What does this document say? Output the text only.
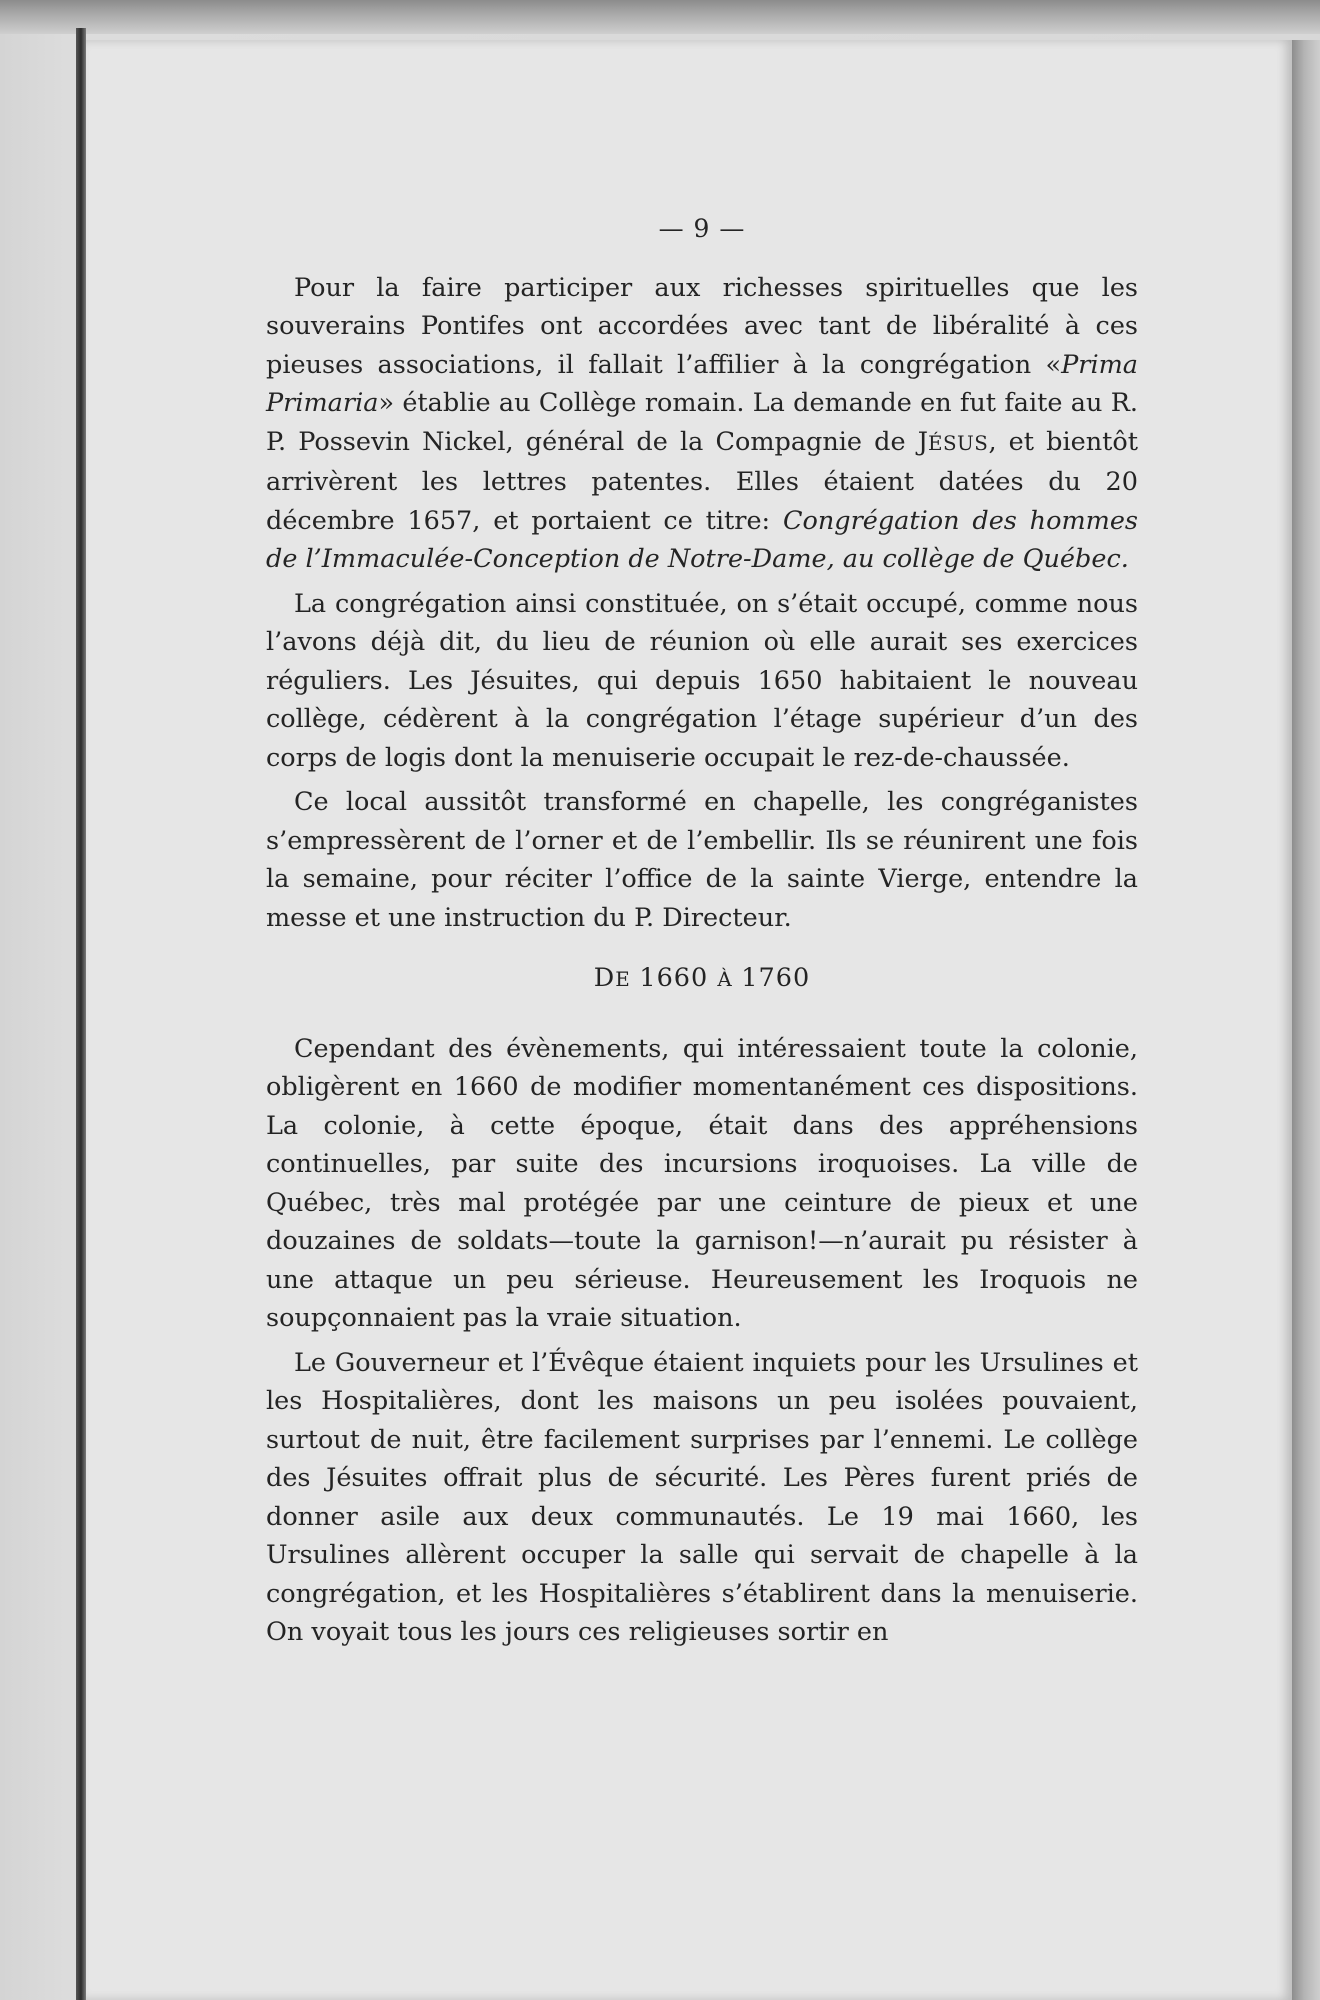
— 9 —

Pour la faire participer aux richesses spirituelles que les souverains Pontifes ont accordées avec tant de libéralité à ces pieuses associations, il fallait l’affilier à la congrégation «Prima Primaria» établie au Collège romain. La demande en fut faite au R. P. Possevin Nickel, général de la Compagnie de JÉSUS, et bientôt arrivèrent les lettres patentes. Elles étaient datées du 20 décembre 1657, et portaient ce titre: Congrégation des hommes de l’Immaculée-Conception de Notre-Dame, au collège de Québec.

La congrégation ainsi constituée, on s’était occupé, comme nous l’avons déjà dit, du lieu de réunion où elle aurait ses exercices réguliers. Les Jésuites, qui depuis 1650 habitaient le nouveau collège, cédèrent à la congrégation l’étage supérieur d’un des corps de logis dont la menuiserie occupait le rez-de-chaussée.

Ce local aussitôt transformé en chapelle, les congréganistes s’empressèrent de l’orner et de l’embellir. Ils se réunirent une fois la semaine, pour réciter l’office de la sainte Vierge, entendre la messe et une instruction du P. Directeur.

DE 1660 À 1760

Cependant des évènements, qui intéressaient toute la colonie, obligèrent en 1660 de modifier momentanément ces dispositions. La colonie, à cette époque, était dans des appréhensions continuelles, par suite des incursions iroquoises. La ville de Québec, très mal protégée par une ceinture de pieux et une douzaines de soldats—toute la garnison!—n’aurait pu résister à une attaque un peu sérieuse. Heureusement les Iroquois ne soupçonnaient pas la vraie situation.

Le Gouverneur et l’Évêque étaient inquiets pour les Ursulines et les Hospitalières, dont les maisons un peu isolées pouvaient, surtout de nuit, être facilement surprises par l’ennemi. Le collège des Jésuites offrait plus de sécurité. Les Pères furent priés de donner asile aux deux communautés. Le 19 mai 1660, les Ursulines allèrent occuper la salle qui servait de chapelle à la congrégation, et les Hospitalières s’établirent dans la menuiserie. On voyait tous les jours ces religieuses sortir en
